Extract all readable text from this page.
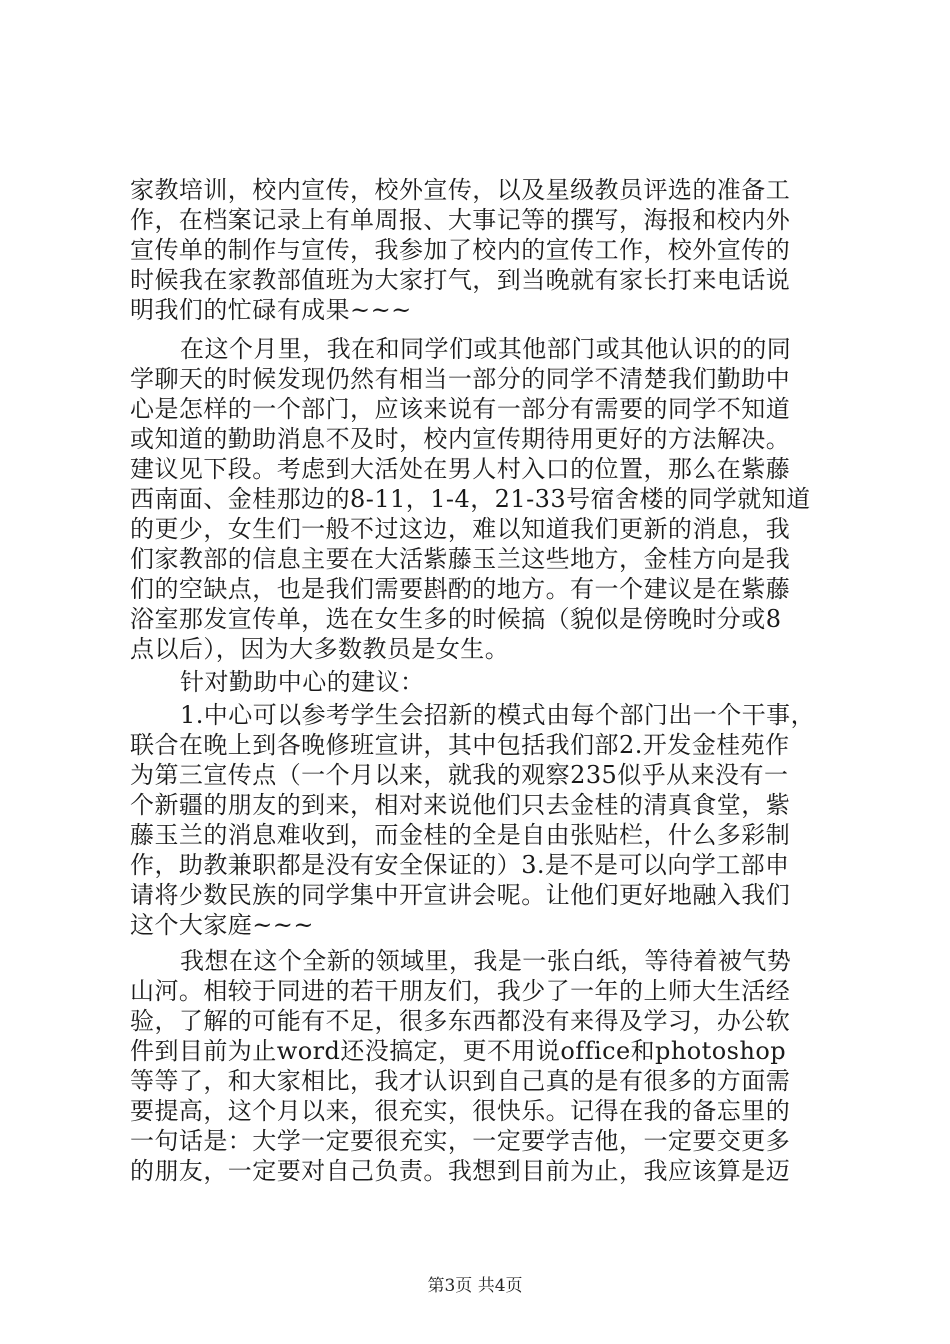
家教培训，校内宣传，校外宣传，以及星级教员评选的准备工
作，在档案记录上有单周报、大事记等的撰写，海报和校内外
宣传单的制作与宣传，我参加了校内的宣传工作，校外宣传的
时候我在家教部值班为大家打气，到当晚就有家长打来电话说
明我们的忙碌有成果~~~
在这个月里，我在和同学们或其他部门或其他认识的的同
学聊天的时候发现仍然有相当一部分的同学不清楚我们勤助中
心是怎样的一个部门，应该来说有一部分有需要的同学不知道
或知道的勤助消息不及时，校内宣传期待用更好的方法解决。
建议见下段。考虑到大活处在男人村入口的位置，那么在紫藤
西南面、金桂那边的8-11，1-4，21-33号宿舍楼的同学就知道
的更少，女生们一般不过这边，难以知道我们更新的消息，我
们家教部的信息主要在大活紫藤玉兰这些地方，金桂方向是我
们的空缺点，也是我们需要斟酌的地方。有一个建议是在紫藤
浴室那发宣传单，选在女生多的时候搞（貌似是傍晚时分或8
点以后），因为大多数教员是女生。
针对勤助中心的建议：
1.中心可以参考学生会招新的模式由每个部门出一个干事，
联合在晚上到各晚修班宣讲，其中包括我们部2.开发金桂苑作
为第三宣传点（一个月以来，就我的观察235似乎从来没有一
个新疆的朋友的到来，相对来说他们只去金桂的清真食堂，紫
藤玉兰的消息难收到，而金桂的全是自由张贴栏，什么多彩制
作，助教兼职都是没有安全保证的）3.是不是可以向学工部申
请将少数民族的同学集中开宣讲会呢。让他们更好地融入我们
这个大家庭~~~
我想在这个全新的领域里，我是一张白纸，等待着被气势
山河。相较于同进的若干朋友们，我少了一年的上师大生活经
验，了解的可能有不足，很多东西都没有来得及学习，办公软
件到目前为止word还没搞定，更不用说office和photoshop
等等了，和大家相比，我才认识到自己真的是有很多的方面需
要提高，这个月以来，很充实，很快乐。记得在我的备忘里的
一句话是：大学一定要很充实，一定要学吉他，一定要交更多
的朋友，一定要对自己负责。我想到目前为止，我应该算是迈
第3页 共4页
